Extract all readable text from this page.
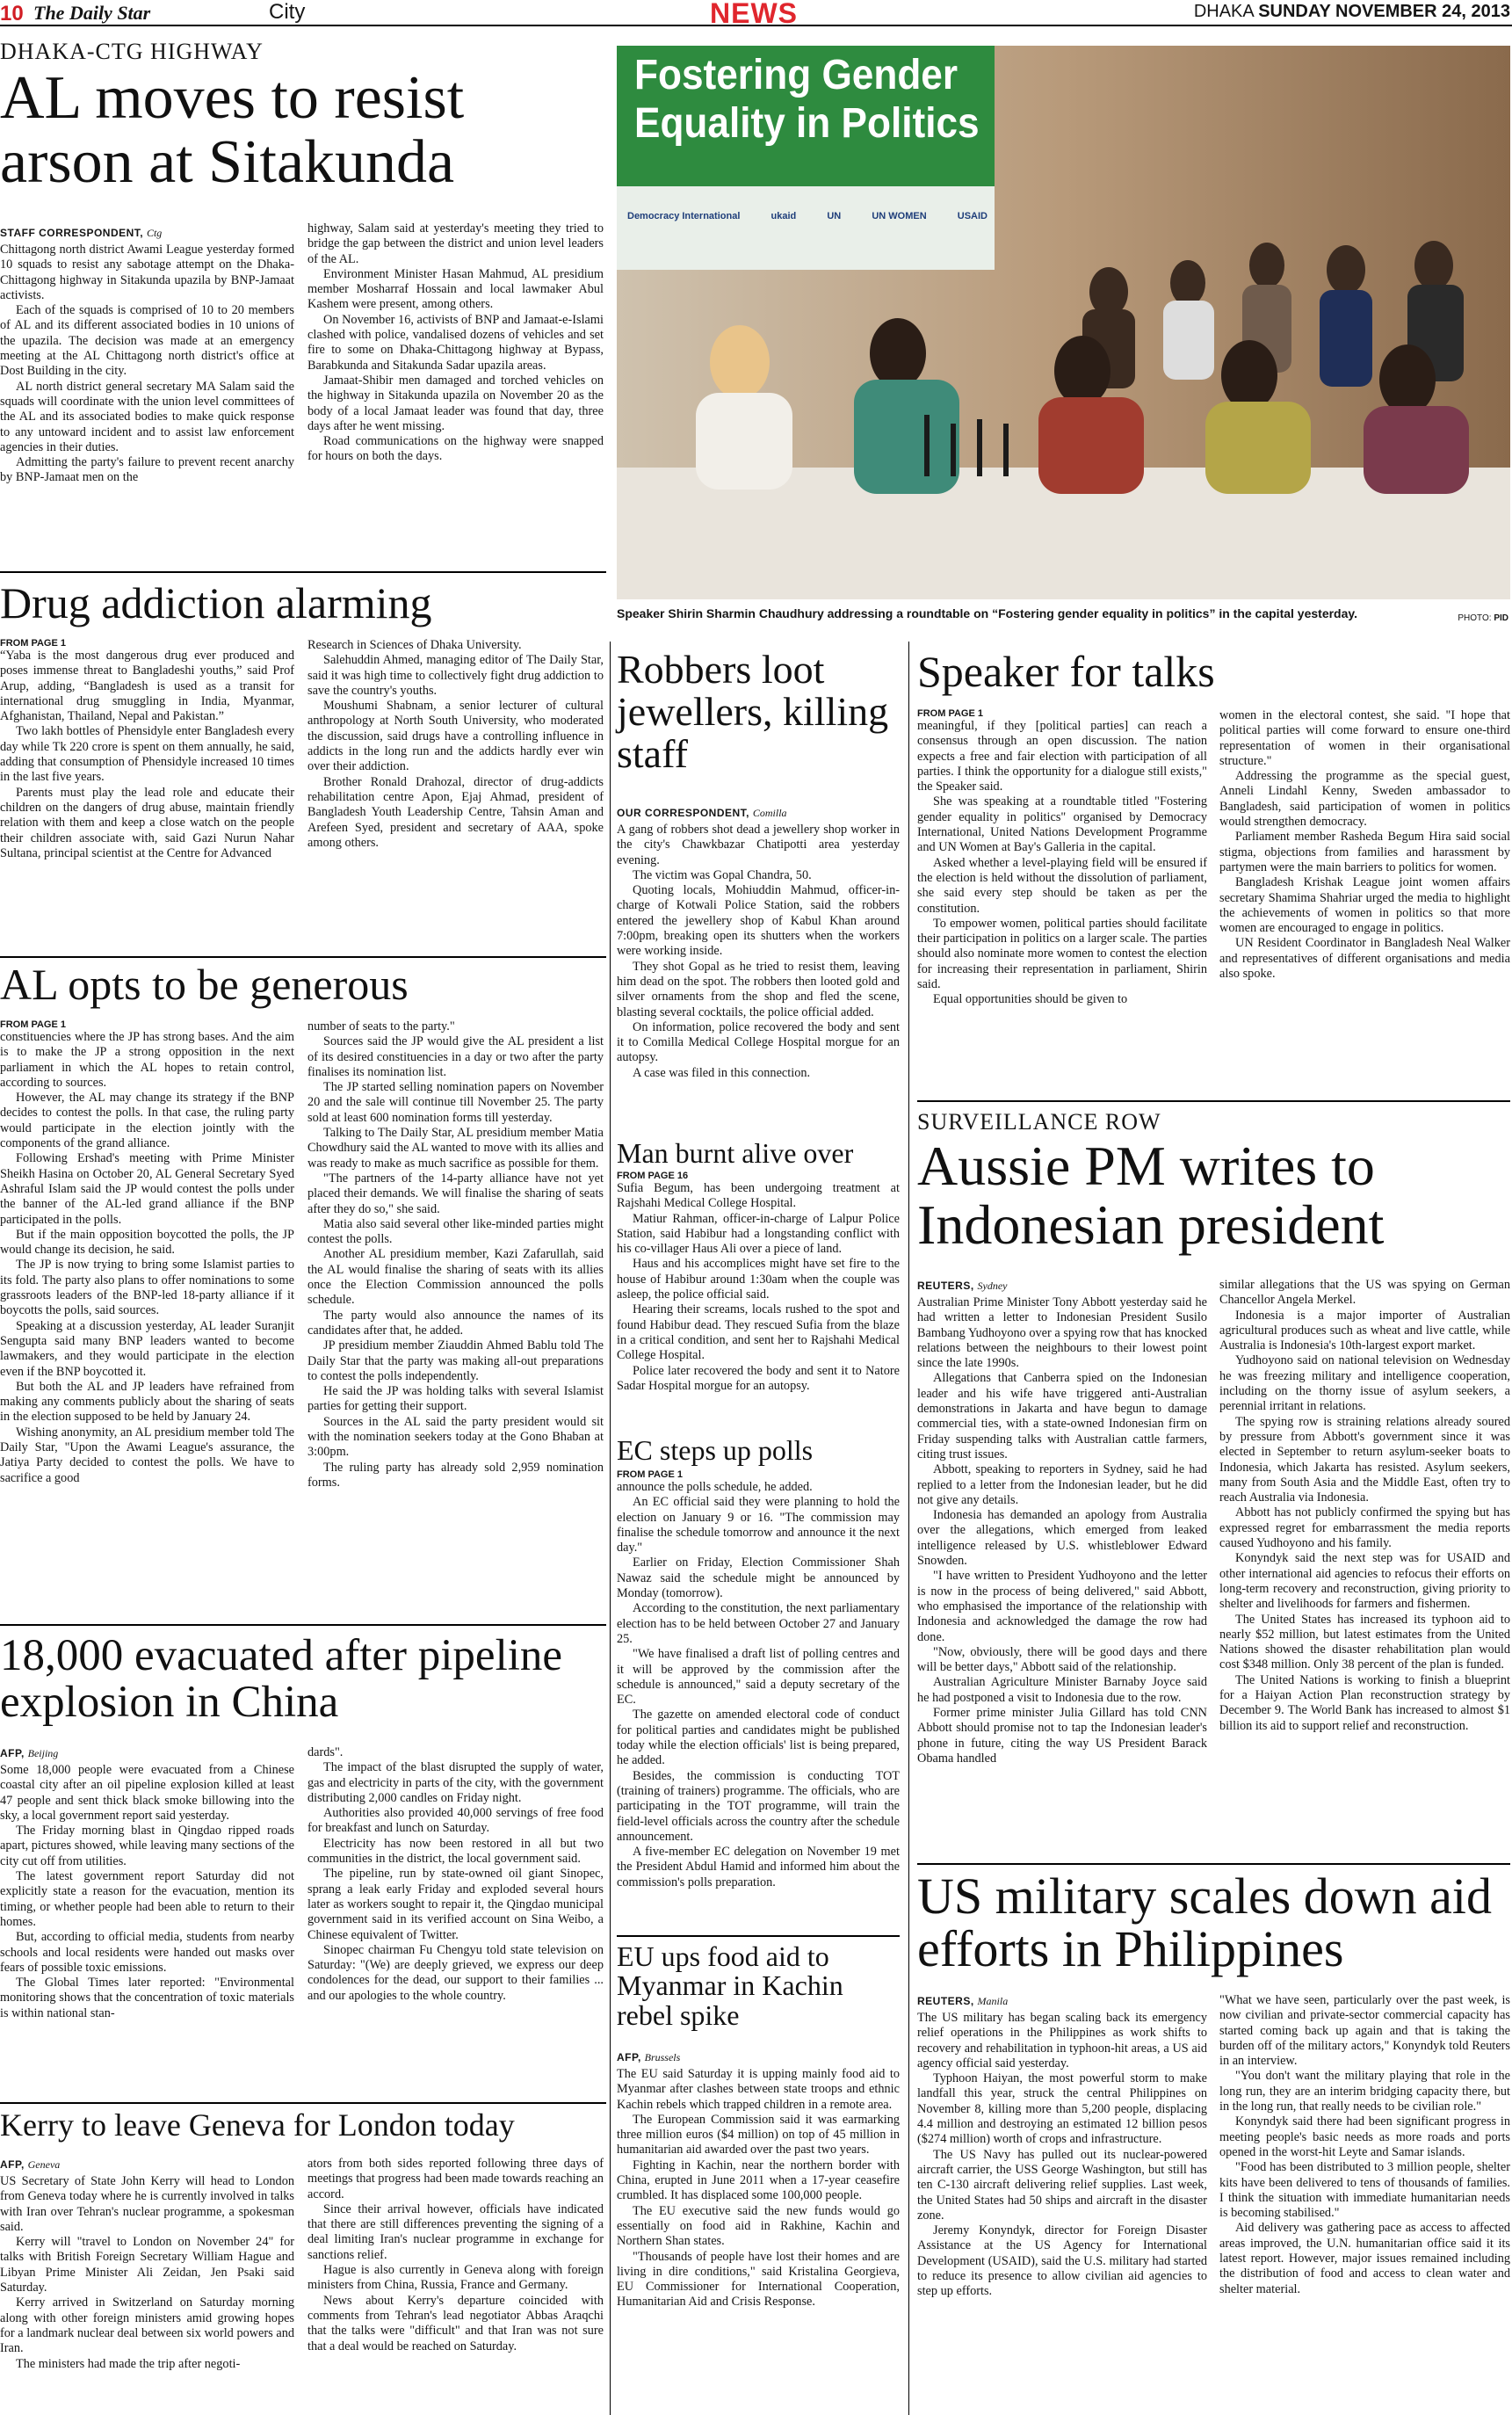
10 The Daily Star	City	NEWS	DHAKA SUNDAY NOVEMBER 24, 2013
DHAKA-CTG HIGHWAY
AL moves to resist arson at Sitakunda
STAFF CORRESPONDENT, Ctg

Chittagong north district Awami League yesterday formed 10 squads to resist any sabotage attempt on the Dhaka-Chittagong highway in Sitakunda upazila by BNP-Jamaat activists.

Each of the squads is comprised of 10 to 20 members of AL and its different associated bodies in 10 unions of the upazila. The decision was made at an emergency meeting at the AL Chittagong north district's office at Dost Building in the city.

AL north district general secretary MA Salam said the squads will coordinate with the union level committees of the AL and its associated bodies to make quick response to any untoward incident and to assist law enforcement agencies in their duties.

Admitting the party's failure to prevent recent anarchy by BNP-Jamaat men on the

highway, Salam said at yesterday's meeting they tried to bridge the gap between the district and union level leaders of the AL.

Environment Minister Hasan Mahmud, AL presidium member Mosharraf Hossain and local lawmaker Abul Kashem were present, among others.

On November 16, activists of BNP and Jamaat-e-Islami clashed with police, vandalised dozens of vehicles and set fire to some on Dhaka-Chittagong highway at Bypass, Barabkunda and Sitakunda Sadar upazila areas.

Jamaat-Shibir men damaged and torched vehicles on the highway in Sitakunda upazila on November 20 as the body of a local Jamaat leader was found that day, three days after he went missing.

Road communications on the highway were snapped for hours on both the days.

Drug addiction alarming
FROM PAGE 1

“Yaba is the most dangerous drug ever produced and poses immense threat to Bangladeshi youths,” said Prof Arup, adding, “Bangladesh is used as a transit for international drug smuggling in India, Myanmar, Afghanistan, Thailand, Nepal and Pakistan.”

Two lakh bottles of Phensidyle enter Bangladesh every day while Tk 220 crore is spent on them annually, he said, adding that consumption of Phensidyle increased 10 times in the last five years.

Parents must play the lead role and educate their children on the dangers of drug abuse, maintain friendly relation with them and keep a close watch on the people their children associate with, said Gazi Nurun Nahar Sultana, principal scientist at the Centre for Advanced

Research in Sciences of Dhaka University.

Salehuddin Ahmed, managing editor of The Daily Star, said it was high time to collectively fight drug addiction to save the country's youths.

Moushumi Shabnam, a senior lecturer of cultural anthropology at North South University, who moderated the discussion, said drugs have a controlling influence in addicts in the long run and the addicts hardly ever win over their addiction.

Brother Ronald Drahozal, director of drug-addicts rehabilitation centre Apon, Ejaj Ahmad, president of Bangladesh Youth Leadership Centre, Tahsin Aman and Arefeen Syed, president and secretary of AAA, spoke among others.

AL opts to be generous
FROM PAGE 1

constituencies where the JP has strong bases. And the aim is to make the JP a strong opposition in the next parliament in which the AL hopes to retain control, according to sources.

However, the AL may change its strategy if the BNP decides to contest the polls. In that case, the ruling party would participate in the election jointly with the components of the grand alliance.

Following Ershad's meeting with Prime Minister Sheikh Hasina on October 20, AL General Secretary Syed Ashraful Islam said the JP would contest the polls under the banner of the AL-led grand alliance if the BNP participated in the polls.

But if the main opposition boycotted the polls, the JP would change its decision, he said.

The JP is now trying to bring some Islamist parties to its fold. The party also plans to offer nominations to some grassroots leaders of the BNP-led 18-party alliance if it boycotts the polls, said sources.

Speaking at a discussion yesterday, AL leader Suranjit Sengupta said many BNP leaders wanted to become lawmakers, and they would participate in the election even if the BNP boycotted it.

But both the AL and JP leaders have refrained from making any comments publicly about the sharing of seats in the election supposed to be held by January 24.

Wishing anonymity, an AL presidium member told The Daily Star, "Upon the Awami League's assurance, the Jatiya Party decided to contest the polls. We have to sacrifice a good

number of seats to the party."

Sources said the JP would give the AL president a list of its desired constituencies in a day or two after the party finalises its nomination list.

The JP started selling nomination papers on November 20 and the sale will continue till November 25. The party sold at least 600 nomination forms till yesterday.

Talking to The Daily Star, AL presidium member Matia Chowdhury said the AL wanted to move with its allies and was ready to make as much sacrifice as possible for them.

"The partners of the 14-party alliance have not yet placed their demands. We will finalise the sharing of seats after they do so," she said.

Matia also said several other like-minded parties might contest the polls.

Another AL presidium member, Kazi Zafarullah, said the AL would finalise the sharing of seats with its allies once the Election Commission announced the polls schedule.

The party would also announce the names of its candidates after that, he added.

JP presidium member Ziauddin Ahmed Bablu told The Daily Star that the party was making all-out preparations to contest the polls independently.

He said the JP was holding talks with several Islamist parties for getting their support.

Sources in the AL said the party president would sit with the nomination seekers today at the Gono Bhaban at 3:00pm.

The ruling party has already sold 2,959 nomination forms.

18,000 evacuated after pipeline explosion in China
AFP, Beijing

Some 18,000 people were evacuated from a Chinese coastal city after an oil pipeline explosion killed at least 47 people and sent thick black smoke billowing into the sky, a local government report said yesterday.

The Friday morning blast in Qingdao ripped roads apart, pictures showed, while leaving many sections of the city cut off from utilities.

The latest government report Saturday did not explicitly state a reason for the evacuation, mention its timing, or whether people had been able to return to their homes.

But, according to official media, students from nearby schools and local residents were handed out masks over fears of possible toxic emissions.

The Global Times later reported: "Environmental monitoring shows that the concentration of toxic materials is within national stan-

dards".

The impact of the blast disrupted the supply of water, gas and electricity in parts of the city, with the government distributing 2,000 candles on Friday night.

Authorities also provided 40,000 servings of free food for breakfast and lunch on Saturday.

Electricity has now been restored in all but two communities in the district, the local government said.

The pipeline, run by state-owned oil giant Sinopec, sprang a leak early Friday and exploded several hours later as workers sought to repair it, the Qingdao municipal government said in its verified account on Sina Weibo, a Chinese equivalent of Twitter.

Sinopec chairman Fu Chengyu told state television on Saturday: "(We) are deeply grieved, we express our deep condolences for the dead, our support to their families ... and our apologies to the whole country.

Kerry to leave Geneva for London today
AFP, Geneva

US Secretary of State John Kerry will head to London from Geneva today where he is currently involved in talks with Iran over Tehran's nuclear programme, a spokesman said.

Kerry will "travel to London on November 24" for talks with British Foreign Secretary William Hague and Libyan Prime Minister Ali Zeidan, Jen Psaki said Saturday.

Kerry arrived in Switzerland on Saturday morning along with other foreign ministers amid growing hopes for a landmark nuclear deal between six world powers and Iran.

The ministers had made the trip after negoti-

ators from both sides reported following three days of meetings that progress had been made towards reaching an accord.

Since their arrival however, officials have indicated that there are still differences preventing the signing of a deal limiting Iran's nuclear programme in exchange for sanctions relief.

Hague is also currently in Geneva along with foreign ministers from China, Russia, France and Germany.

News about Kerry's departure coincided with comments from Tehran's lead negotiator Abbas Araqchi that the talks were "difficult" and that Iran was not sure that a deal would be reached on Saturday.

Fostering Gender
Equality in Politics
Democracy International	ukaid	UN	UN WOMEN	USAID
Speaker Shirin Sharmin Chaudhury addressing a roundtable on “Fostering gender equality in politics” in the capital yesterday.	PHOTO: PID
Robbers loot jewellers, killing staff
OUR CORRESPONDENT, Comilla

A gang of robbers shot dead a jewellery shop worker in the city's Chawkbazar Chatipotti area yesterday evening.

The victim was Gopal Chandra, 50.

Quoting locals, Mohiuddin Mahmud, officer-in-charge of Kotwali Police Station, said the robbers entered the jewellery shop of Kabul Khan around 7:00pm, breaking open its shutters when the workers were working inside.

They shot Gopal as he tried to resist them, leaving him dead on the spot. The robbers then looted gold and silver ornaments from the shop and fled the scene, blasting several cocktails, the police official added.

On information, police recovered the body and sent it to Comilla Medical College Hospital morgue for an autopsy.

A case was filed in this connection.

Man burnt alive over
FROM PAGE 16

Sufia Begum, has been undergoing treatment at Rajshahi Medical College Hospital.

Matiur Rahman, officer-in-charge of Lalpur Police Station, said Habibur had a longstanding conflict with his co-villager Haus Ali over a piece of land.

Haus and his accomplices might have set fire to the house of Habibur around 1:30am when the couple was asleep, the police official said.

Hearing their screams, locals rushed to the spot and found Habibur dead. They rescued Sufia from the blaze in a critical condition, and sent her to Rajshahi Medical College Hospital.

Police later recovered the body and sent it to Natore Sadar Hospital morgue for an autopsy.

EC steps up polls
FROM PAGE 1

announce the polls schedule, he added.

An EC official said they were planning to hold the election on January 9 or 16. "The commission may finalise the schedule tomorrow and announce it the next day."

Earlier on Friday, Election Commissioner Shah Nawaz said the schedule might be announced by Monday (tomorrow).

According to the constitution, the next parliamentary election has to be held between October 27 and January 25.

"We have finalised a draft list of polling centres and it will be approved by the commission after the schedule is announced," said a deputy secretary of the EC.

The gazette on amended electoral code of conduct for political parties and candidates might be published today while the election officials' list is being prepared, he added.

Besides, the commission is conducting TOT (training of trainers) programme. The officials, who are participating in the TOT programme, will train the field-level officials across the country after the schedule announcement.

A five-member EC delegation on November 19 met the President Abdul Hamid and informed him about the commission's polls preparation.

EU ups food aid to Myanmar in Kachin rebel spike
AFP, Brussels

The EU said Saturday it is upping mainly food aid to Myanmar after clashes between state troops and ethnic Kachin rebels which trapped children in a remote area.

The European Commission said it was earmarking three million euros ($4 million) on top of 45 million in humanitarian aid awarded over the past two years.

Fighting in Kachin, near the northern border with China, erupted in June 2011 when a 17-year ceasefire crumbled. It has displaced some 100,000 people.

The EU executive said the new funds would go essentially on food aid in Rakhine, Kachin and Northern Shan states.

"Thousands of people have lost their homes and are living in dire conditions," said Kristalina Georgieva, EU Commissioner for International Cooperation, Humanitarian Aid and Crisis Response.

Speaker for talks
FROM PAGE 1

meaningful, if they [political parties] can reach a consensus through an open discussion. The nation expects a free and fair election with participation of all parties. I think the opportunity for a dialogue still exists," the Speaker said.

She was speaking at a roundtable titled "Fostering gender equality in politics" organised by Democracy International, United Nations Development Programme and UN Women at Bay's Galleria in the capital.

Asked whether a level-playing field will be ensured if the election is held without the dissolution of parliament, she said every step should be taken as per the constitution.

To empower women, political parties should facilitate their participation in politics on a larger scale. The parties should also nominate more women to contest the election for increasing their representation in parliament, Shirin said.

Equal opportunities should be given to

women in the electoral contest, she said. "I hope that political parties will come forward to ensure one-third representation of women in their organisational structure."

Addressing the programme as the special guest, Anneli Lindahl Kenny, Sweden ambassador to Bangladesh, said participation of women in politics would strengthen democracy.

Parliament member Rasheda Begum Hira said social stigma, objections from families and harassment by partymen were the main barriers to politics for women.

Bangladesh Krishak League joint women affairs secretary Shamima Shahriar urged the media to highlight the achievements of women in politics so that more women are encouraged to engage in politics.

UN Resident Coordinator in Bangladesh Neal Walker and representatives of different organisations and media also spoke.

SURVEILLANCE ROW
Aussie PM writes to Indonesian president
REUTERS, Sydney

Australian Prime Minister Tony Abbott yesterday said he had written a letter to Indonesian President Susilo Bambang Yudhoyono over a spying row that has knocked relations between the neighbours to their lowest point since the late 1990s.

Allegations that Canberra spied on the Indonesian leader and his wife have triggered anti-Australian demonstrations in Jakarta and have begun to damage commercial ties, with a state-owned Indonesian firm on Friday suspending talks with Australian cattle farmers, citing trust issues.

Abbott, speaking to reporters in Sydney, said he had replied to a letter from the Indonesian leader, but he did not give any details.

Indonesia has demanded an apology from Australia over the allegations, which emerged from leaked intelligence released by U.S. whistleblower Edward Snowden.

"I have written to President Yudhoyono and the letter is now in the process of being delivered," said Abbott, who emphasised the importance of the relationship with Indonesia and acknowledged the damage the row had done.

"Now, obviously, there will be good days and there will be better days," Abbott said of the relationship.

Australian Agriculture Minister Barnaby Joyce said he had postponed a visit to Indonesia due to the row.

Former prime minister Julia Gillard has told CNN Abbott should promise not to tap the Indonesian leader's phone in future, citing the way US President Barack Obama handled

similar allegations that the US was spying on German Chancellor Angela Merkel.

Indonesia is a major importer of Australian agricultural produces such as wheat and live cattle, while Australia is Indonesia's 10th-largest export market.

Yudhoyono said on national television on Wednesday he was freezing military and intelligence cooperation, including on the thorny issue of asylum seekers, a perennial irritant in relations.

The spying row is straining relations already soured by pressure from Abbott's government since it was elected in September to return asylum-seeker boats to Indonesia, which Jakarta has resisted. Asylum seekers, many from South Asia and the Middle East, often try to reach Australia via Indonesia.

Abbott has not publicly confirmed the spying but has expressed regret for embarrassment the media reports caused Yudhoyono and his family.

Konyndyk said the next step was for USAID and other international aid agencies to refocus their efforts on long-term recovery and reconstruction, giving priority to shelter and livelihoods for farmers and fishermen.

The United States has increased its typhoon aid to nearly $52 million, but latest estimates from the United Nations showed the disaster rehabilitation plan would cost $348 million. Only 38 percent of the plan is funded.

The United Nations is working to finish a blueprint for a Haiyan Action Plan reconstruction strategy by December 9. The World Bank has increased to almost $1 billion its aid to support relief and reconstruction.

US military scales down aid efforts in Philippines
REUTERS, Manila

The US military has began scaling back its emergency relief operations in the Philippines as work shifts to recovery and rehabilitation in typhoon-hit areas, a US aid agency official said yesterday.

Typhoon Haiyan, the most powerful storm to make landfall this year, struck the central Philippines on November 8, killing more than 5,200 people, displacing 4.4 million and destroying an estimated 12 billion pesos ($274 million) worth of crops and infrastructure.

The US Navy has pulled out its nuclear-powered aircraft carrier, the USS George Washington, but still has ten C-130 aircraft delivering relief supplies. Last week, the United States had 50 ships and aircraft in the disaster zone.

Jeremy Konyndyk, director for Foreign Disaster Assistance at the US Agency for International Development (USAID), said the U.S. military had started to reduce its presence to allow civilian aid agencies to step up efforts.

"What we have seen, particularly over the past week, is now civilian and private-sector commercial capacity has started coming back up again and that is taking the burden off of the military actors," Konyndyk told Reuters in an interview.

"You don't want the military playing that role in the long run, they are an interim bridging capacity there, but in the long run, that really needs to be civilian role."

Konyndyk said there had been significant progress in meeting people's basic needs as more roads and ports opened in the worst-hit Leyte and Samar islands.

"Food has been distributed to 3 million people, shelter kits have been delivered to tens of thousands of families. I think the situation with immediate humanitarian needs is becoming stabilised."

Aid delivery was gathering pace as access to affected areas improved, the U.N. humanitarian office said it its latest report. However, major issues remained including the distribution of food and access to clean water and shelter material.
